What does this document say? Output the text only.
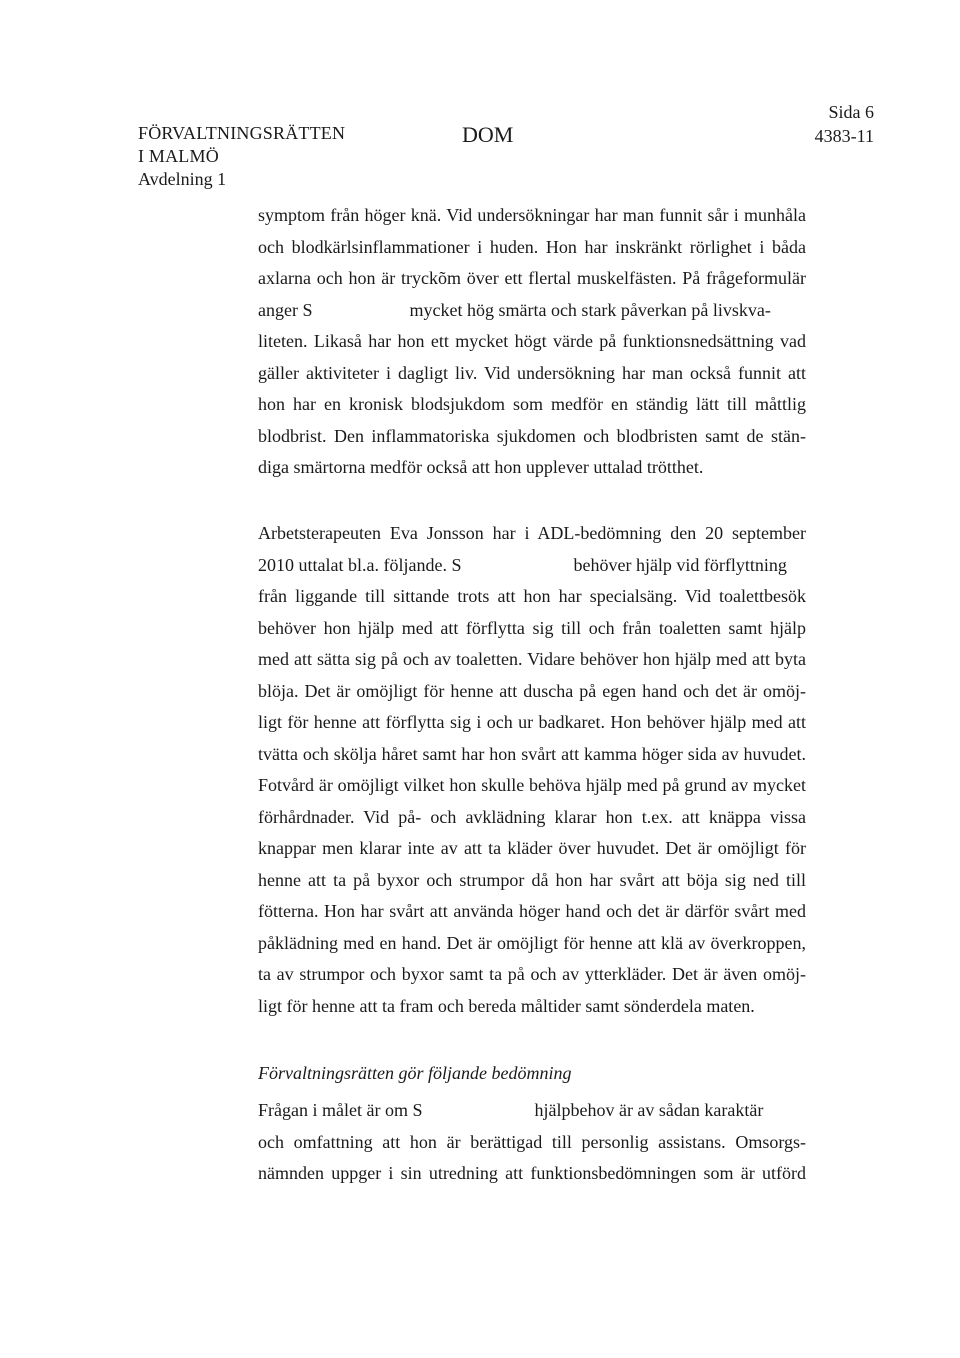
FÖRVALTNINGSRÄTTEN
I MALMÖ
Avdelning 1
DOM
Sida 6
4383-11
symptom från höger knä. Vid undersökningar har man funnit sår i munhåla
och blodkärlsinflammationer i huden. Hon har inskränkt rörlighet i båda
axlarna och hon är tryckõm över ett flertal muskelfästen. På frågeformulär
anger S	mycket hög smärta och stark påverkan på livskva-
liteten. Likaså har hon ett mycket högt värde på funktionsnedsättning vad
gäller aktiviteter i dagligt liv. Vid undersökning har man också funnit att
hon har en kronisk blodsjukdom som medför en ständig lätt till måttlig
blodbrist. Den inflammatoriska sjukdomen och blodbristen samt de stän-
diga smärtorna medför också att hon upplever uttalad trötthet.
Arbetsterapeuten Eva Jonsson har i ADL-bedömning den 20 september
2010 uttalat bl.a. följande. S	behöver hjälp vid förflyttning
från liggande till sittande trots att hon har specialsäng. Vid toalettbesök
behöver hon hjälp med att förflytta sig till och från toaletten samt hjälp
med att sätta sig på och av toaletten. Vidare behöver hon hjälp med att byta
blöja. Det är omöjligt för henne att duscha på egen hand och det är omöj-
ligt för henne att förflytta sig i och ur badkaret. Hon behöver hjälp med att
tvätta och skölja håret samt har hon svårt att kamma höger sida av huvudet.
Fotvård är omöjligt vilket hon skulle behöva hjälp med på grund av mycket
förhårdnader. Vid på- och avklädning klarar hon t.ex. att knäppa vissa
knappar men klarar inte av att ta kläder över huvudet. Det är omöjligt för
henne att ta på byxor och strumpor då hon har svårt att böja sig ned till
fötterna. Hon har svårt att använda höger hand och det är därför svårt med
påklädning med en hand. Det är omöjligt för henne att klä av överkroppen,
ta av strumpor och byxor samt ta på och av ytterkläder. Det är även omöj-
ligt för henne att ta fram och bereda måltider samt sönderdela maten.
Förvaltningsrätten gör följande bedömning
Frågan i målet är om S	hjälpbehov är av sådan karaktär
och omfattning att hon är berättigad till personlig assistans. Omsorgs-
nämnden uppger i sin utredning att funktionsbedömningen som är utförd
